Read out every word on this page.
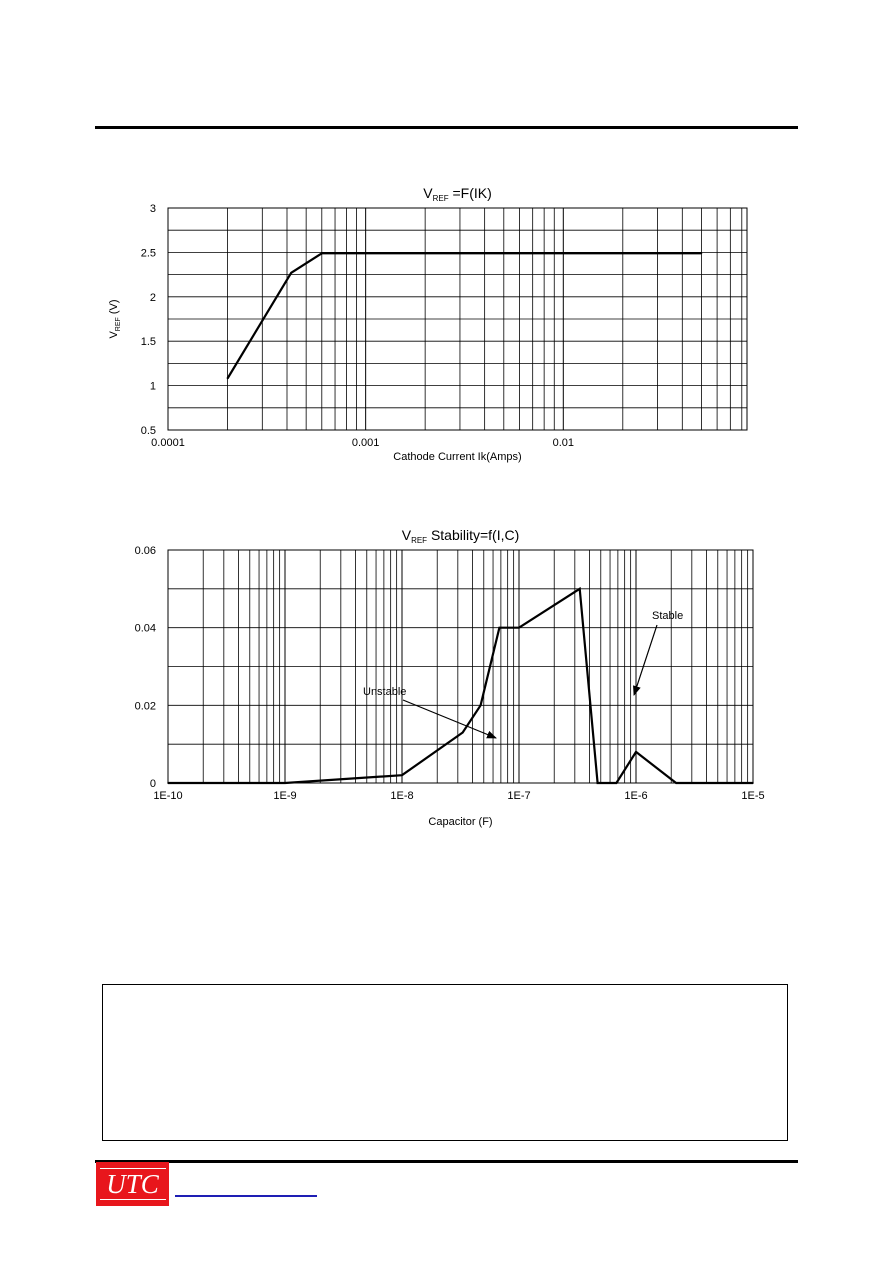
3
2.5
2
1.5
1
0.5
0.0001	0.001	0.01
$V_{REF} =F(IK)$
Cathode Current Ik(Amps)
$V_{REF}$ (V)
0.06
0.04
0.02
0
1E-10	1E-9	1E-8	1E-7	1E-6	1E-5
$V_{REF}$ Stability=f(I,C)
Capacitor (F)
Unstable
Stable
UTC
